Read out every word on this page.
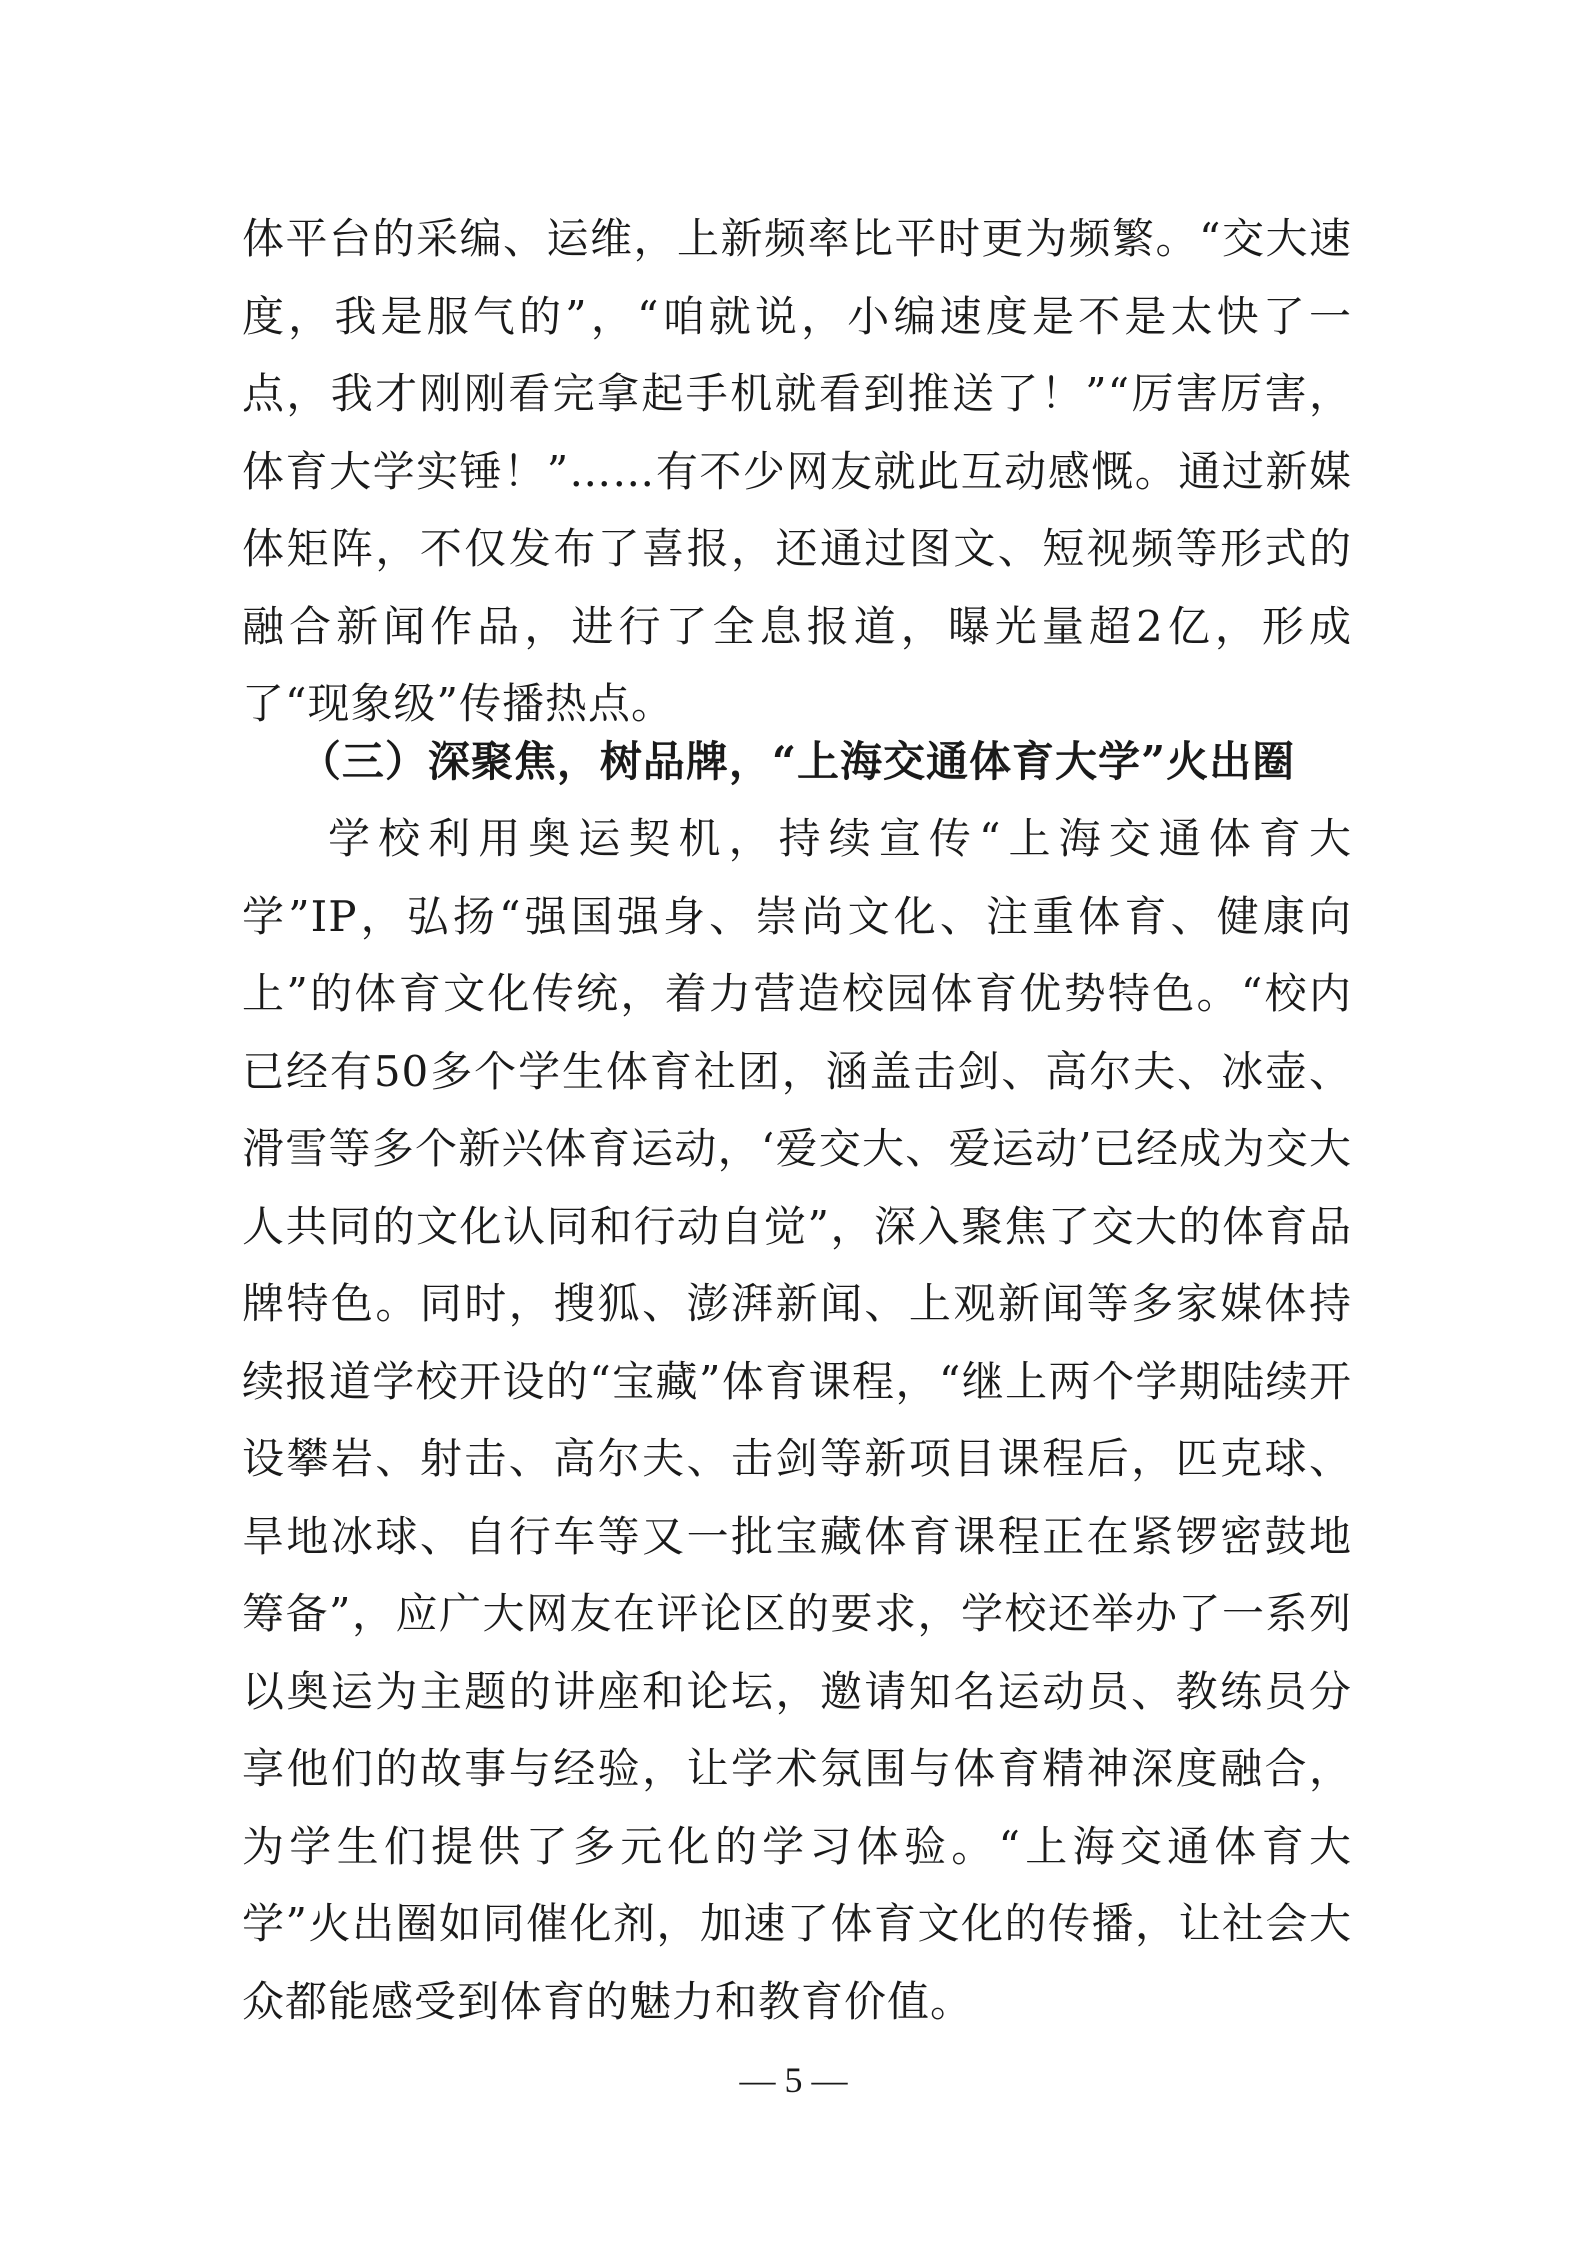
体平台的采编、运维，上新频率比平时更为频繁。“交大速度，我是服气的”，“咱就说，小编速度是不是太快了一点，我才刚刚看完拿起手机就看到推送了！”“厉害厉害，体育大学实锤！”……有不少网友就此互动感慨。通过新媒体矩阵，不仅发布了喜报，还通过图文、短视频等形式的融合新闻作品，进行了全息报道，曝光量超2亿，形成了“现象级”传播热点。
（三）深聚焦，树品牌，“上海交通体育大学”火出圈
学校利用奥运契机，持续宣传“上海交通体育大学”IP，弘扬“强国强身、崇尚文化、注重体育、健康向上”的体育文化传统，着力营造校园体育优势特色。“校内已经有50多个学生体育社团，涵盖击剑、高尔夫、冰壶、滑雪等多个新兴体育运动，‘爱交大、爱运动’已经成为交大人共同的文化认同和行动自觉”，深入聚焦了交大的体育品牌特色。同时，搜狐、澎湃新闻、上观新闻等多家媒体持续报道学校开设的“宝藏”体育课程，“继上两个学期陆续开设攀岩、射击、高尔夫、击剑等新项目课程后，匹克球、旱地冰球、自行车等又一批宝藏体育课程正在紧锣密鼓地筹备”，应广大网友在评论区的要求，学校还举办了一系列以奥运为主题的讲座和论坛，邀请知名运动员、教练员分享他们的故事与经验，让学术氛围与体育精神深度融合，为学生们提供了多元化的学习体验。“上海交通体育大学”火出圈如同催化剂，加速了体育文化的传播，让社会大众都能感受到体育的魅力和教育价值。
— 5 —
